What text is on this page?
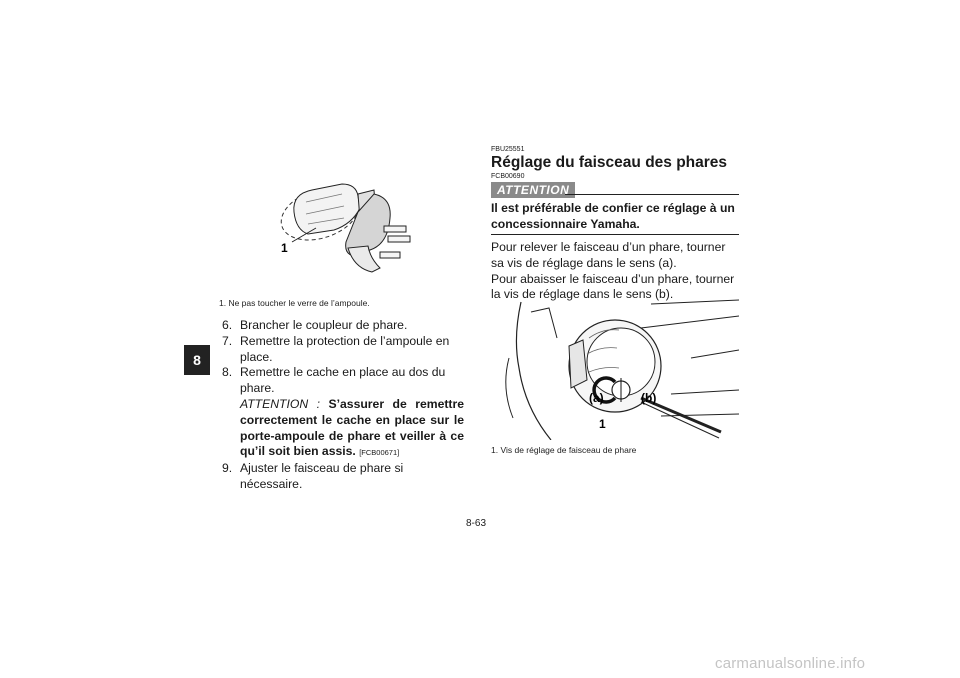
8
1
1. Ne pas toucher le verre de l’ampoule.
6. Brancher le coupleur de phare.
7. Remettre la protection de l’ampoule en place.
8. Remettre le cache en place au dos du phare.
ATTENTION : S’assurer de remettre correctement le cache en place sur le porte-ampoule de phare et veiller à ce qu’il soit bien assis. [FCB00671]
9. Ajuster le faisceau de phare si nécessaire.
FBU25551
Réglage du faisceau des phares
FCB00690
ATTENTION
Il est préférable de confier ce réglage à un concessionnaire Yamaha.

Pour relever le faisceau d’un phare, tourner sa vis de réglage dans le sens (a).

Pour abaisser le faisceau d’un phare, tourner la vis de réglage dans le sens (b).

(a)	(b)
1
1. Vis de réglage de faisceau de phare
8-63
carmanualsonline.info
